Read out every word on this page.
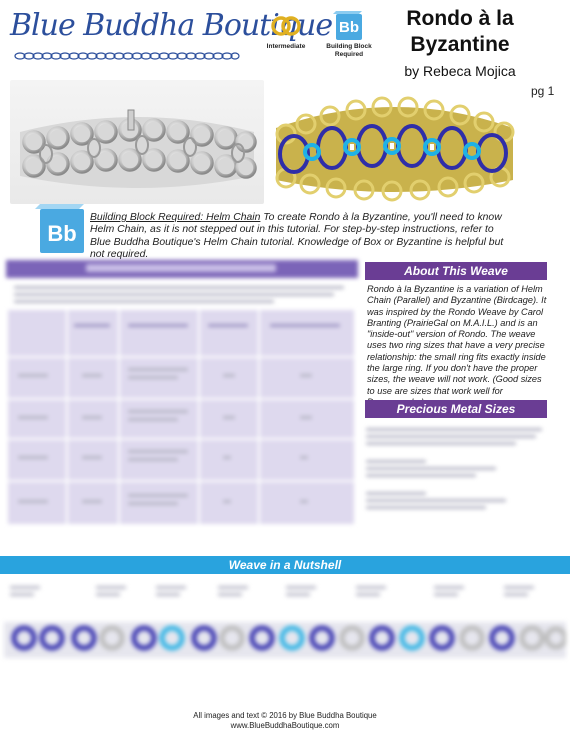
Blue Buddha Boutique
Intermediate
Bb
Building Block
Required
Rondo à la
Byzantine
by Rebeca Mojica
pg 1
Bb
Building Block Required: Helm Chain To create Rondo à la Byzantine, you'll need to know Helm Chain, as it is not stepped out in this tutorial. For step-by-step instructions, refer to Blue Buddha Boutique's Helm Chain tutorial. Knowledge of Box or Byzantine is helpful but not required.
About This Weave
Rondo à la Byzantine is a variation of Helm Chain (Parallel) and Byzantine (Birdcage). It was inspired by the Rondo Weave by Carol Branting (PrairieGal on M.A.I.L.) and is an "inside-out" version of Rondo. The weave uses two ring sizes that have a very precise relationship: the small ring fits exactly inside the large ring. If you don't have the proper sizes, the weave will not work. (Good sizes to use are sizes that work well for
Precious Metal Sizes
Weave in a Nutshell
All images and text © 2016 by Blue Buddha Boutique
www.BlueBuddhaBoutique.com
